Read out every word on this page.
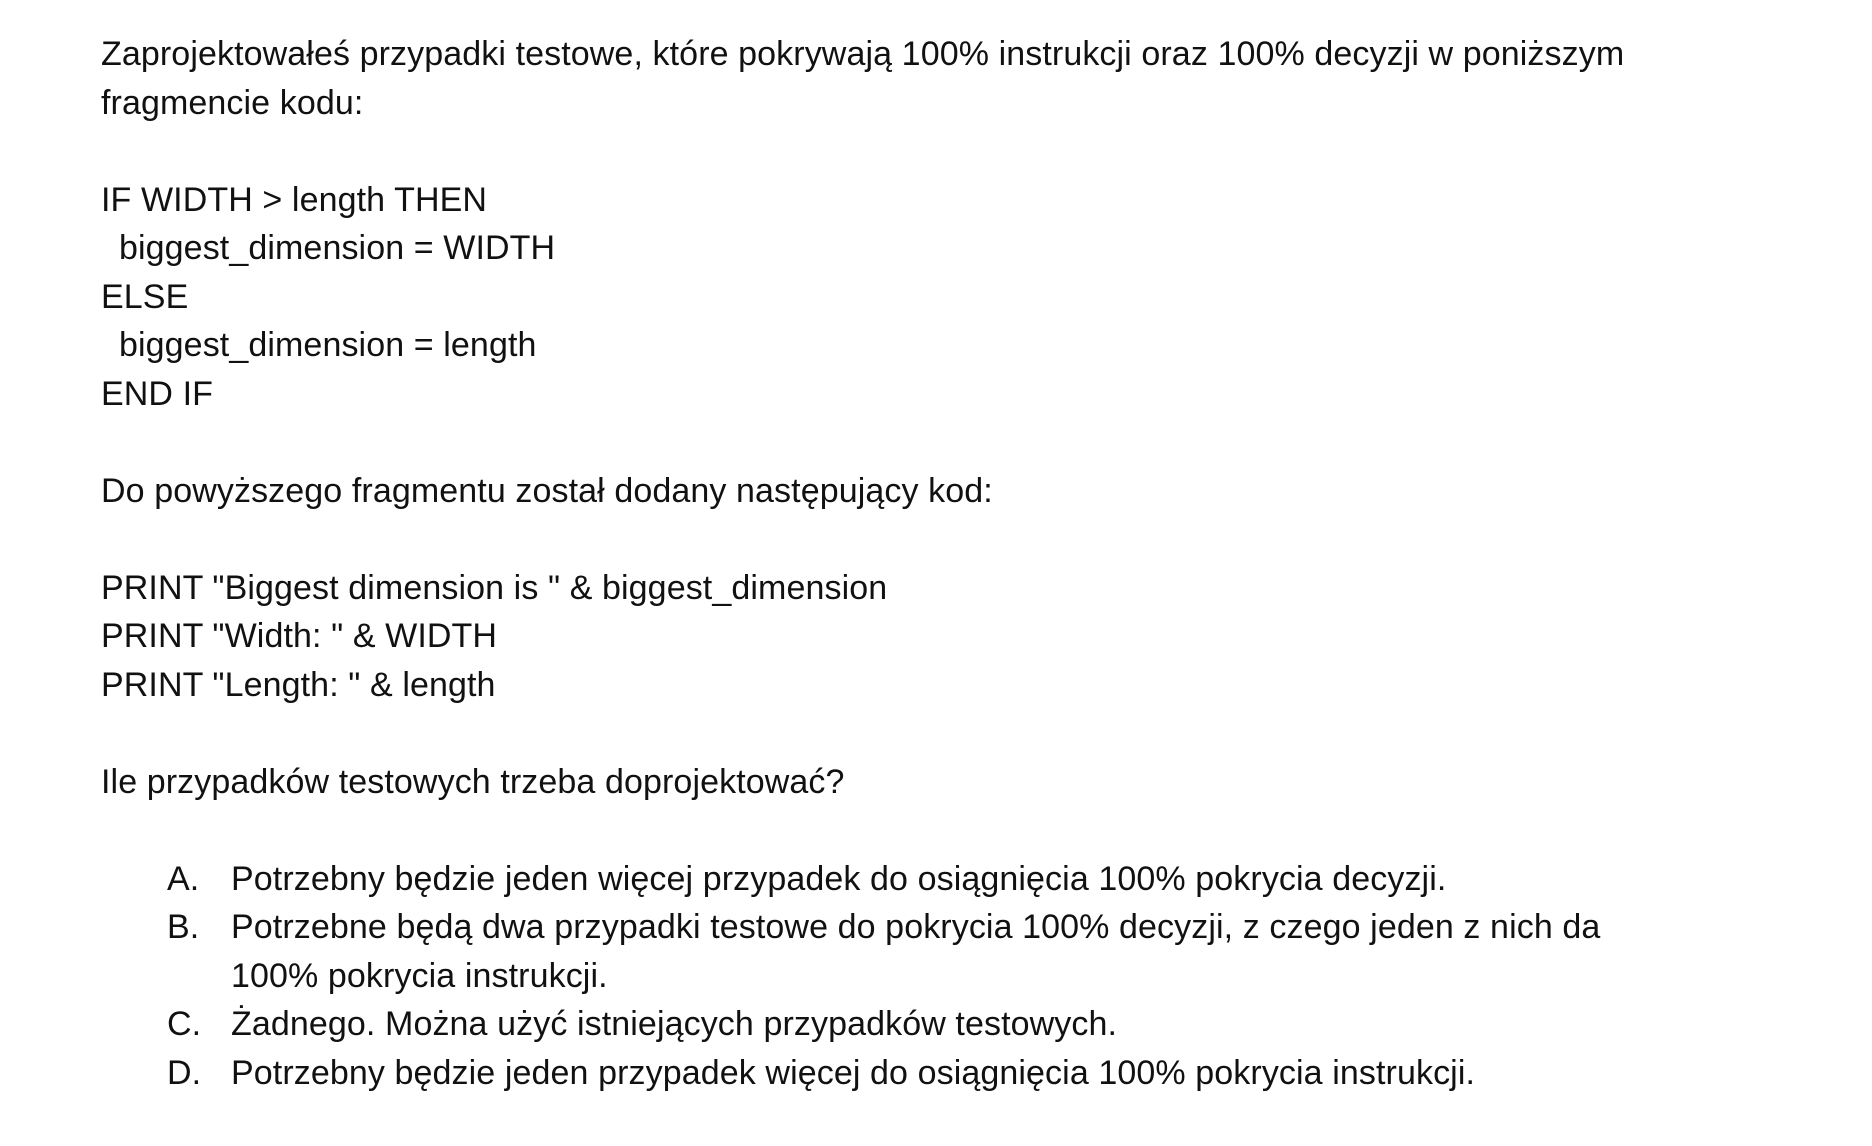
Zaprojektowałeś przypadki testowe, które pokrywają 100% instrukcji oraz 100% decyzji w poniższym
fragmencie kodu:
IF WIDTH > length THEN
biggest_dimension = WIDTH
ELSE
biggest_dimension = length
END IF
Do powyższego fragmentu został dodany następujący kod:
PRINT "Biggest dimension is " & biggest_dimension
PRINT "Width: " & WIDTH
PRINT "Length: " & length
Ile przypadków testowych trzeba doprojektować?
A. Potrzebny będzie jeden więcej przypadek do osiągnięcia 100% pokrycia decyzji.
B. Potrzebne będą dwa przypadki testowe do pokrycia 100% decyzji, z czego jeden z nich da 100% pokrycia instrukcji.
C. Żadnego. Można użyć istniejących przypadków testowych.
D. Potrzebny będzie jeden przypadek więcej do osiągnięcia 100% pokrycia instrukcji.
